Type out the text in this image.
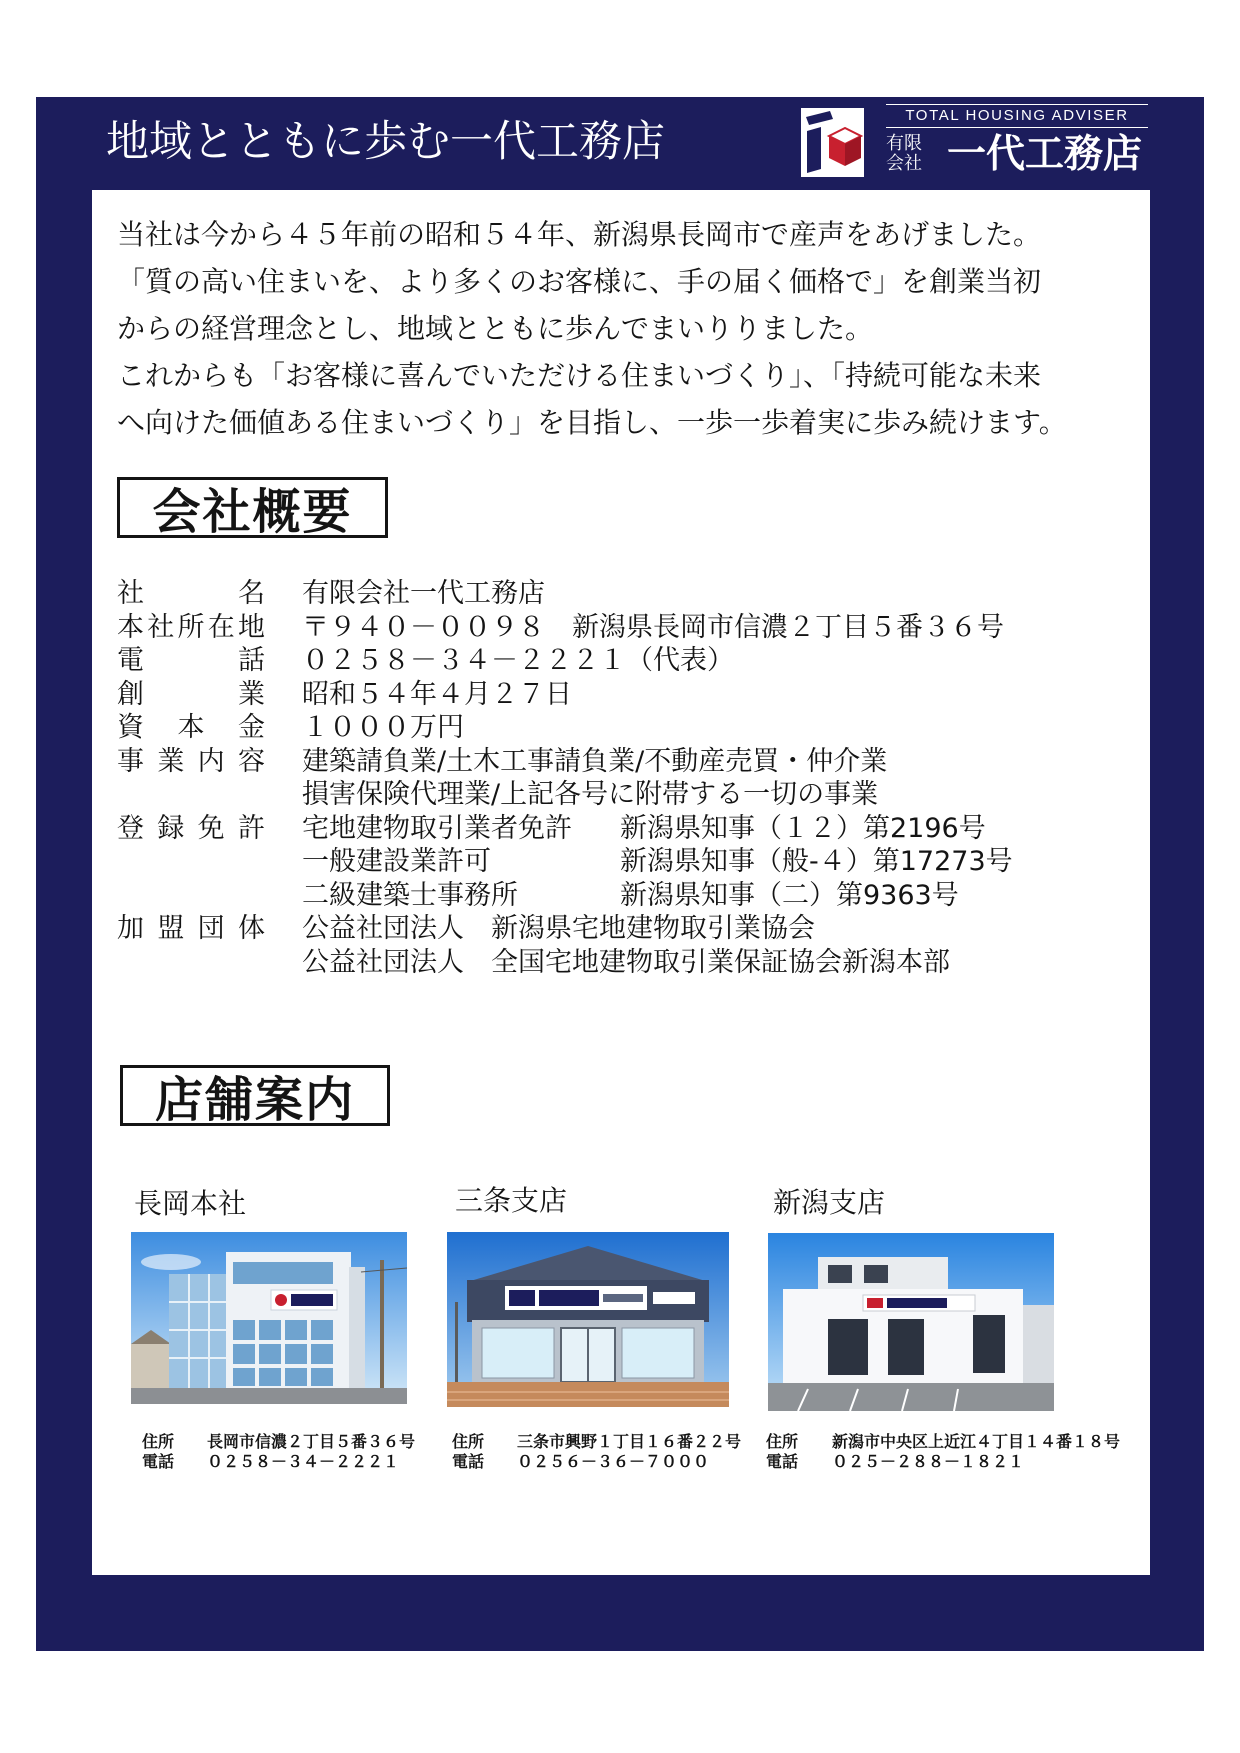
地域とともに歩む一代工務店
TOTAL HOUSING ADVISER
有限
会社 一代工務店
当社は今から４５年前の昭和５４年、新潟県長岡市で産声をあげました。
「質の高い住まいを、より多くのお客様に、手の届く価格で」を創業当初
からの経営理念とし、地域とともに歩んでまいりりました。
これからも「お客様に喜んでいただける住まいづくり」、「持続可能な未来
へ向けた価値ある住まいづくり」を目指し、一歩一歩着実に歩み続けます。
会社概要
社名 有限会社一代工務店
本社所在地 〒９４０－００９８　新潟県長岡市信濃２丁目５番３６号
電話 ０２５８－３４－２２２１（代表）
創業 昭和５４年４月２７日
資本金 １０００万円
事業内容 建築請負業/土木工事請負業/不動産売買・仲介業
損害保険代理業/上記各号に附帯する一切の事業
登録免許 宅地建物取引業者免許	新潟県知事（１２）第2196号
一般建設業許可	新潟県知事（般-４）第17273号
二級建築士事務所	新潟県知事（二）第9363号
加盟団体 公益社団法人　新潟県宅地建物取引業協会
公益社団法人　全国宅地建物取引業保証協会新潟本部
店舗案内
長岡本社
住所	長岡市信濃２丁目５番３６号
電話	０２５８－３４－２２２１
三条支店
住所	三条市興野１丁目１６番２２号
電話	０２５６－３６－７０００
新潟支店
住所	新潟市中央区上近江４丁目１４番１８号
電話	０２５－２８８－１８２１
